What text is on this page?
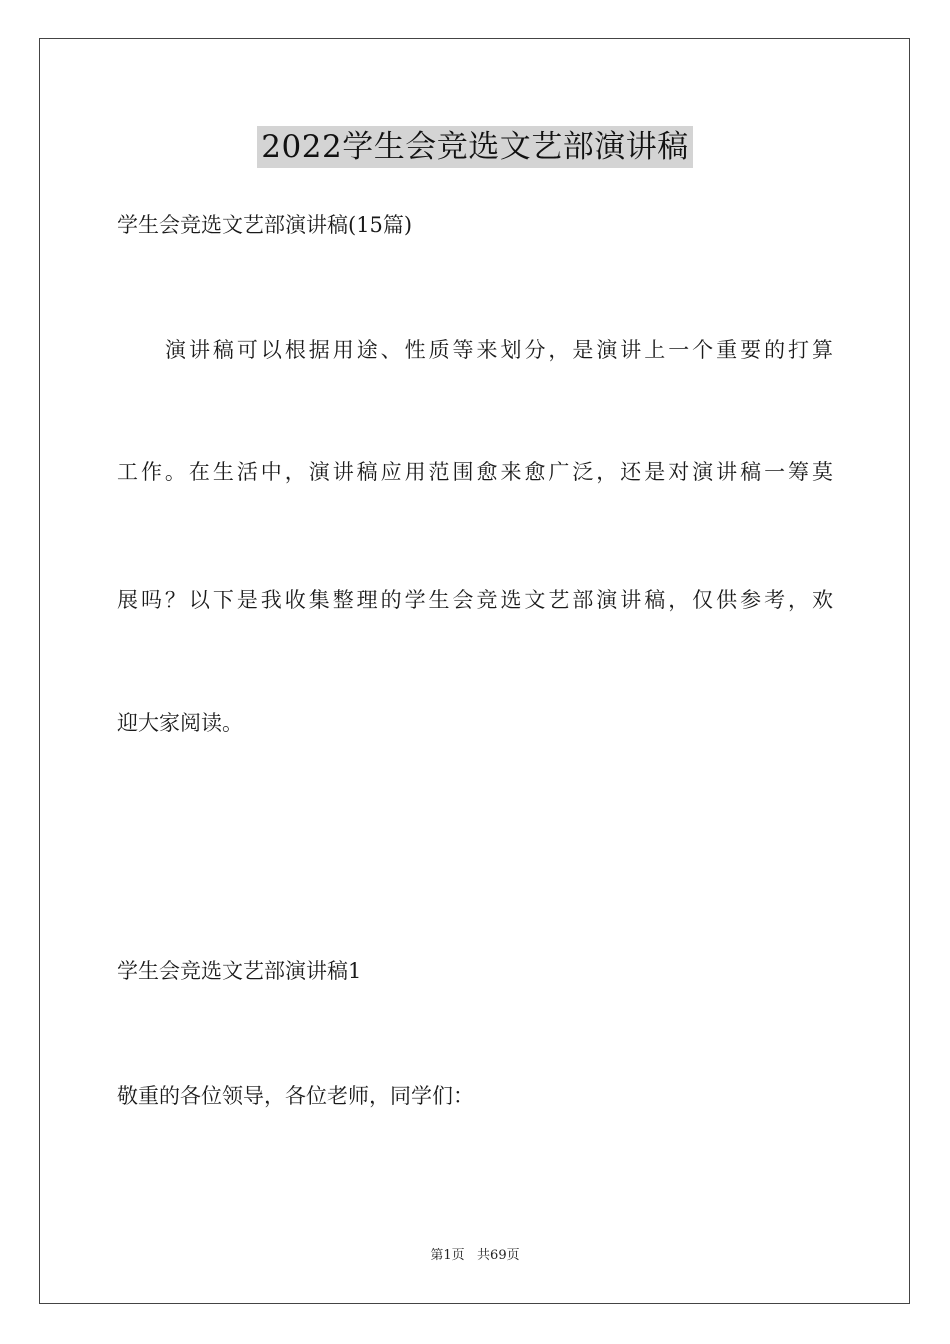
2022学生会竞选文艺部演讲稿
学生会竞选文艺部演讲稿(15篇)
演讲稿可以根据用途、性质等来划分，是演讲上一个重要的打算
工作。在生活中，演讲稿应用范围愈来愈广泛，还是对演讲稿一筹莫
展吗？以下是我收集整理的学生会竞选文艺部演讲稿，仅供参考，欢
迎大家阅读。
学生会竞选文艺部演讲稿1
敬重的各位领导，各位老师，同学们：
第1页   共69页
